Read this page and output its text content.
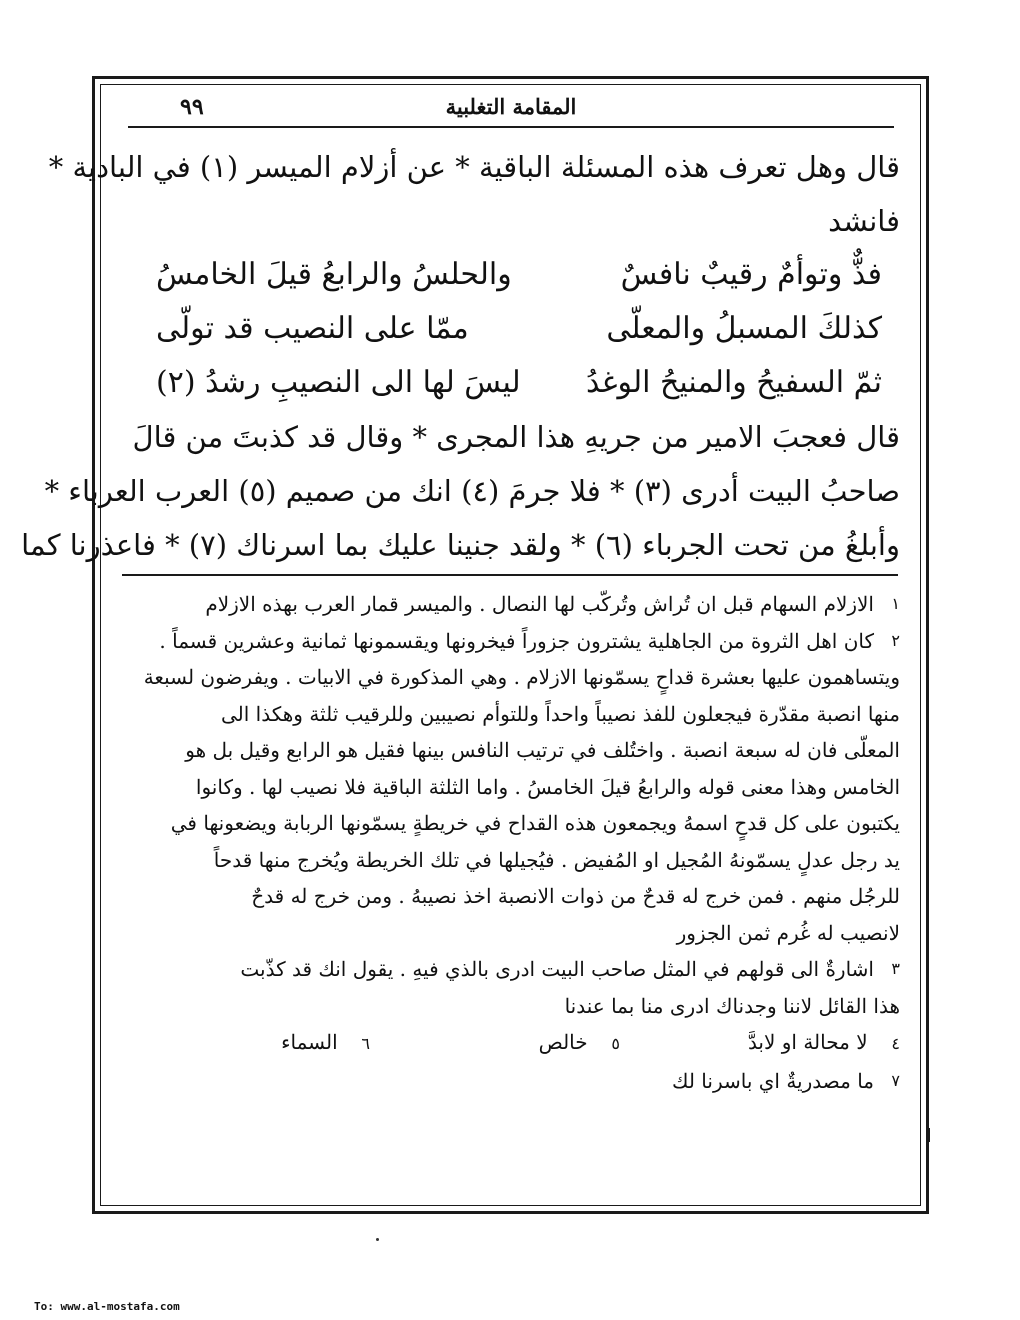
٩٩	المقامة التغلبية
قال وهل تعرف هذه المسئلة الباقية * عن أزلام الميسر (١) في البادية *
فانشد
فذٌّ وتوأمٌ رقيبٌ نافسٌ
والحلسُ والرابعُ قيلَ الخامسُ
كذلكَ المسبلُ والمعلّى
ممّا على النصيب قد تولّى
ثمّ السفيحُ والمنيحُ الوغدُ
ليسَ لها الى النصيبِ رشدُ (٢)
قال فعجبَ الامير من جريهِ هذا المجرى * وقال قد كذبتَ من قالَ
صاحبُ البيت أدرى (٣) * فلا جرمَ (٤) انك من صميم (٥) العرب العرباء *
وأبلغُ من تحت الجرباء (٦) * ولقد جنينا عليك بما اسرناك (٧) * فاعذرنا كما
١
الازلام السهام قبل ان تُراش وتُركّب لها النصال . والميسر قمار العرب بهذه الازلام
٢
كان اهل الثروة من الجاهلية يشترون جزوراً فيخرونها ويقسمونها ثمانية وعشرين قسماً .
ويتساهمون عليها بعشرة قداحٍ يسمّونها الازلام . وهي المذكورة في الابيات . ويفرضون لسبعة
منها انصبة مقدّرة فيجعلون للفذ نصيباً واحداً وللتوأم نصيبين وللرقيب ثلثة وهكذا الى
المعلّى فان له سبعة انصبة . واختُلف في ترتيب النافس بينها فقيل هو الرابع وقيل بل هو
الخامس وهذا معنى قوله والرابعُ قيلَ الخامسُ . واما الثلثة الباقية فلا نصيب لها . وكانوا
يكتبون على كل قدحٍ اسمهُ ويجمعون هذه القداح في خريطةٍ يسمّونها الربابة ويضعونها في
يد رجل عدلٍ يسمّونهُ المُجيل او المُفيض . فيُجيلها في تلك الخريطة ويُخرج منها قدحاً
للرجُل منهم . فمن خرج له قدحٌ من ذوات الانصبة اخذ نصيبهُ . ومن خرج له قدحٌ
لانصيب له غُرم ثمن الجزور
٣
اشارةٌ الى قولهم في المثل صاحب البيت ادرى بالذي فيهِ . يقول انك قد كذّبت
هذا القائل لاننا وجدناك ادرى منا بما عندنا
٤ لا محالة او لابدَّ
٥ خالص
٦ السماء
٧
ما مصدريةٌ اي باسرنا لك
To: www.al-mostafa.com
